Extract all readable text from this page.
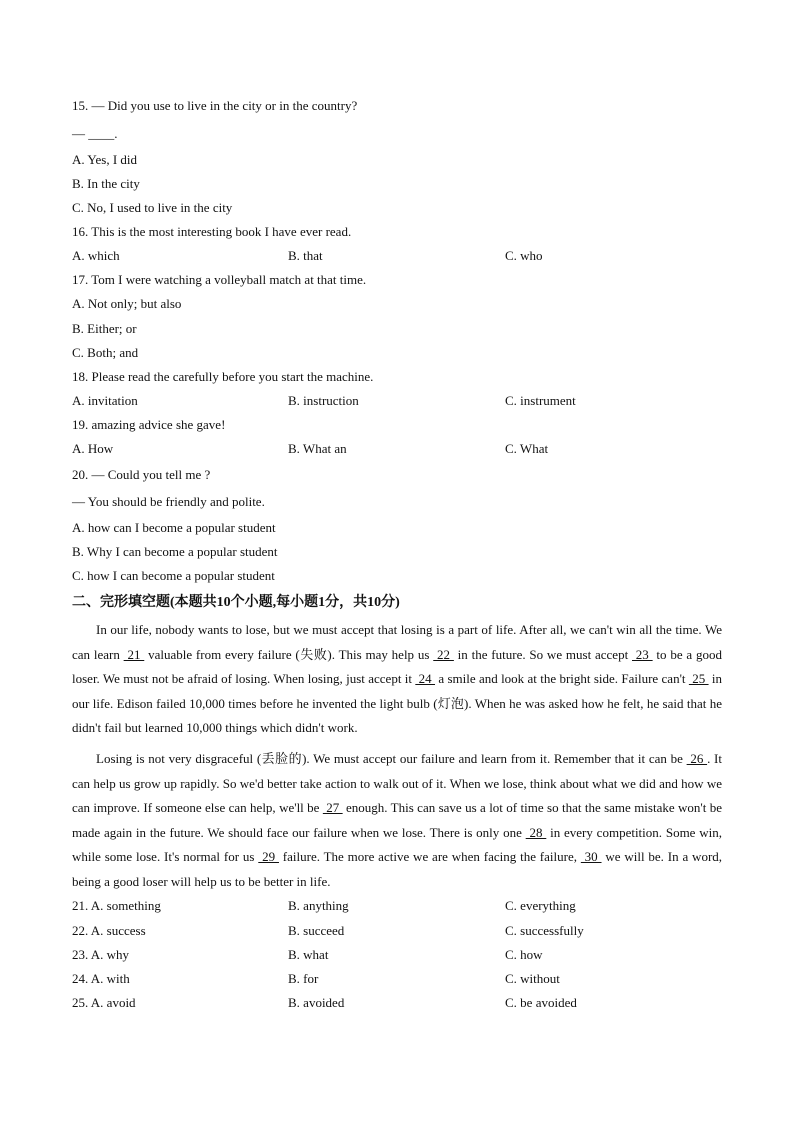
15. — Did you use to live in the city or in the country?
— ____.
A. Yes, I did
B. In the city
C. No, I used to live in the city
16. This is the most interesting book I have ever read.
A. which	B. that	C. who
17. Tom I were watching a volleyball match at that time.
A. Not only; but also
B. Either; or
C. Both; and
18. Please read the carefully before you start the machine.
A. invitation	B. instruction	C. instrument
19. amazing advice she gave!
A. How	B. What an	C. What
20. — Could you tell me ?
— You should be friendly and polite.
A. how can I become a popular student
B. Why I can become a popular student
C. how I can become a popular student
二、完形填空题(本题共10个小题,每小题1分，共10分)
In our life, nobody wants to lose, but we must accept that losing is a part of life. After all, we can't win all the time. We can learn  21  valuable from every failure (失败). This may help us  22  in the future. So we must accept  23  to be a good loser. We must not be afraid of losing. When losing, just accept it  24  a smile and look at the bright side. Failure can't  25  in our life. Edison failed 10,000 times before he invented the light bulb (灯泡). When he was asked how he felt, he said that he didn't fail but learned 10,000 things which didn't work.
Losing is not very disgraceful (丢脸的). We must accept our failure and learn from it. Remember that it can be  26 . It can help us grow up rapidly. So we'd better take action to walk out of it. When we lose, think about what we did and how we can improve. If someone else can help, we'll be  27  enough. This can save us a lot of time so that the same mistake won't be made again in the future. We should face our failure when we lose. There is only one  28  in every competition. Some win, while some lose. It's normal for us  29  failure. The more active we are when facing the failure,  30  we will be. In a word, being a good loser will help us to be better in life.
21. A. something	B. anything	C. everything
22. A. success	B. succeed	C. successfully
23. A. why	B. what	C. how
24. A. with	B. for	C. without
25. A. avoid	B. avoided	C. be avoided
